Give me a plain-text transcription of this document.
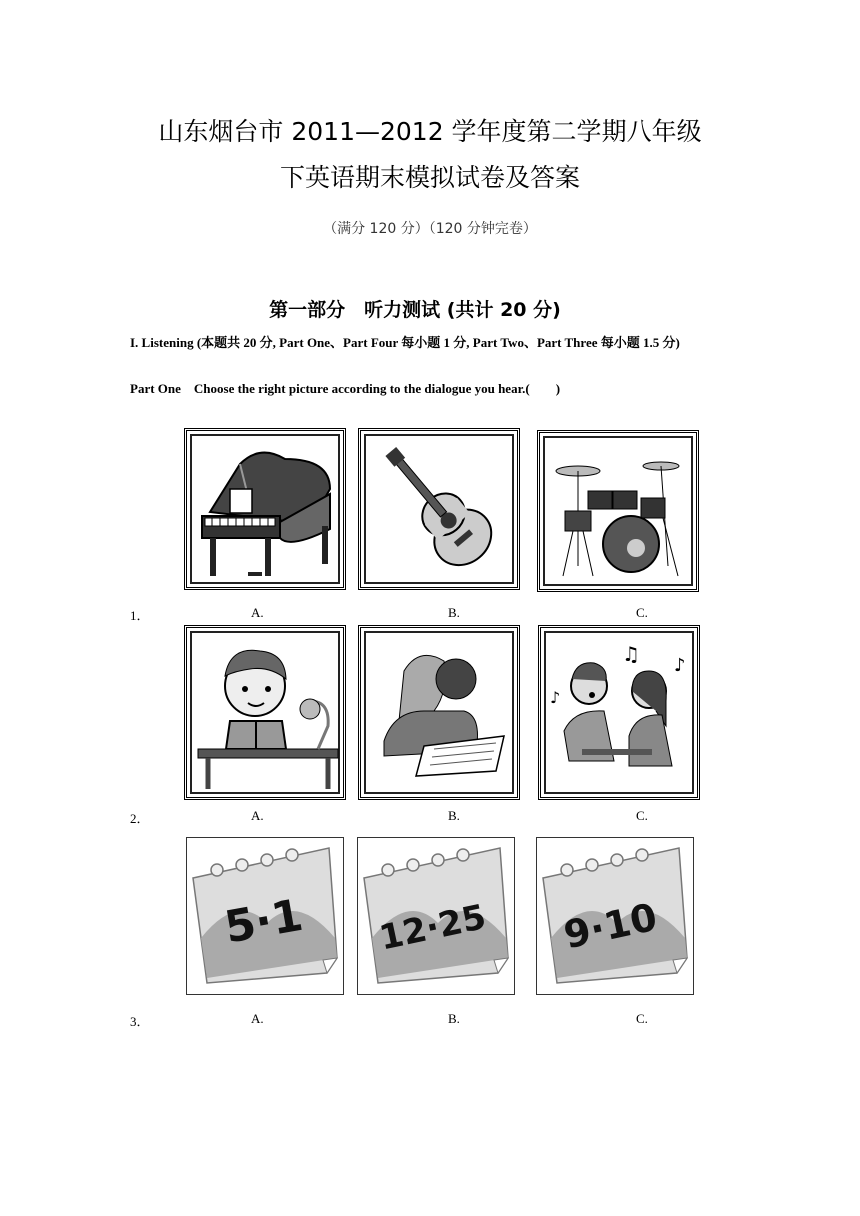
山东烟台市 2011—2012 学年度第二学期八年级
下英语期末模拟试卷及答案
（满分 120 分）（120 分钟完卷）
第一部分　听力测试 (共计 20 分)
I. Listening (本题共 20 分, Part One、Part Four 每小题 1 分, Part Two、Part Three 每小题 1.5 分)
Part One　Choose the right picture according to the dialogue you hear.(　　)
1．	A.	B.	C.
♫ ♪
♪
2．	A.	B.	C.
5·1 12·25 9·10
3．	A.	B.	C.
